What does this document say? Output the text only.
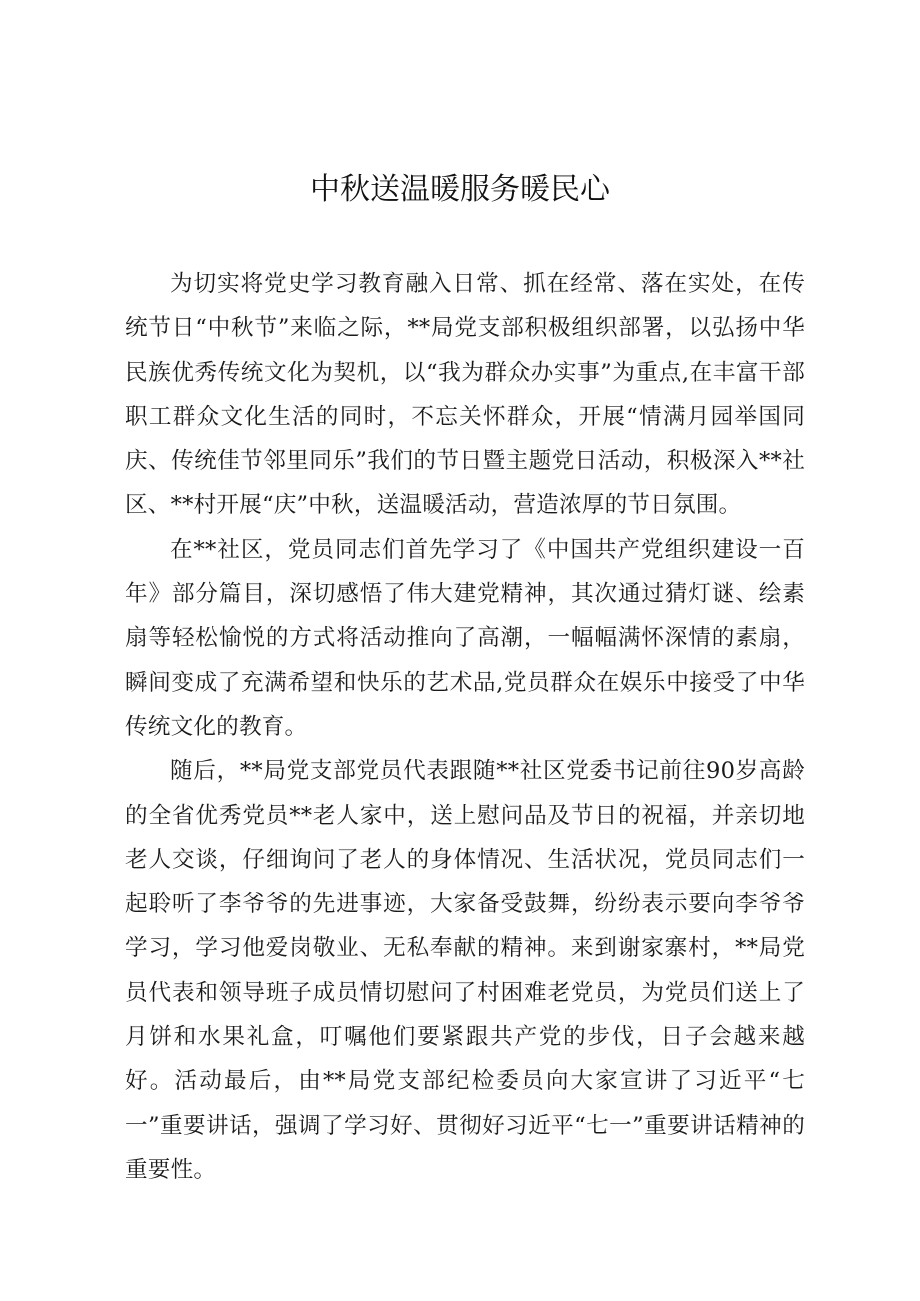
中秋送温暖服务暖民心

为切实将党史学习教育融入日常、抓在经常、落在实处，在传统节日“中秋节”来临之际，**局党支部积极组织部署，以弘扬中华民族优秀传统文化为契机，以“我为群众办实事”为重点,在丰富干部职工群众文化生活的同时，不忘关怀群众，开展“情满月园举国同庆、传统佳节邻里同乐”我们的节日暨主题党日活动，积极深入**社区、**村开展“庆”中秋，送温暖活动，营造浓厚的节日氛围。

在**社区，党员同志们首先学习了《中国共产党组织建设一百年》部分篇目，深切感悟了伟大建党精神，其次通过猜灯谜、绘素扇等轻松愉悦的方式将活动推向了高潮，一幅幅满怀深情的素扇，瞬间变成了充满希望和快乐的艺术品,党员群众在娱乐中接受了中华传统文化的教育。

随后，**局党支部党员代表跟随**社区党委书记前往90岁高龄的全省优秀党员**老人家中，送上慰问品及节日的祝福，并亲切地老人交谈，仔细询问了老人的身体情况、生活状况，党员同志们一起聆听了李爷爷的先进事迹，大家备受鼓舞，纷纷表示要向李爷爷学习，学习他爱岗敬业、无私奉献的精神。来到谢家寨村，**局党员代表和领导班子成员情切慰问了村困难老党员，为党员们送上了月饼和水果礼盒，叮嘱他们要紧跟共产党的步伐，日子会越来越好。活动最后，由**局党支部纪检委员向大家宣讲了习近平“七一”重要讲话，强调了学习好、贯彻好习近平“七一”重要讲话精神的重要性。
